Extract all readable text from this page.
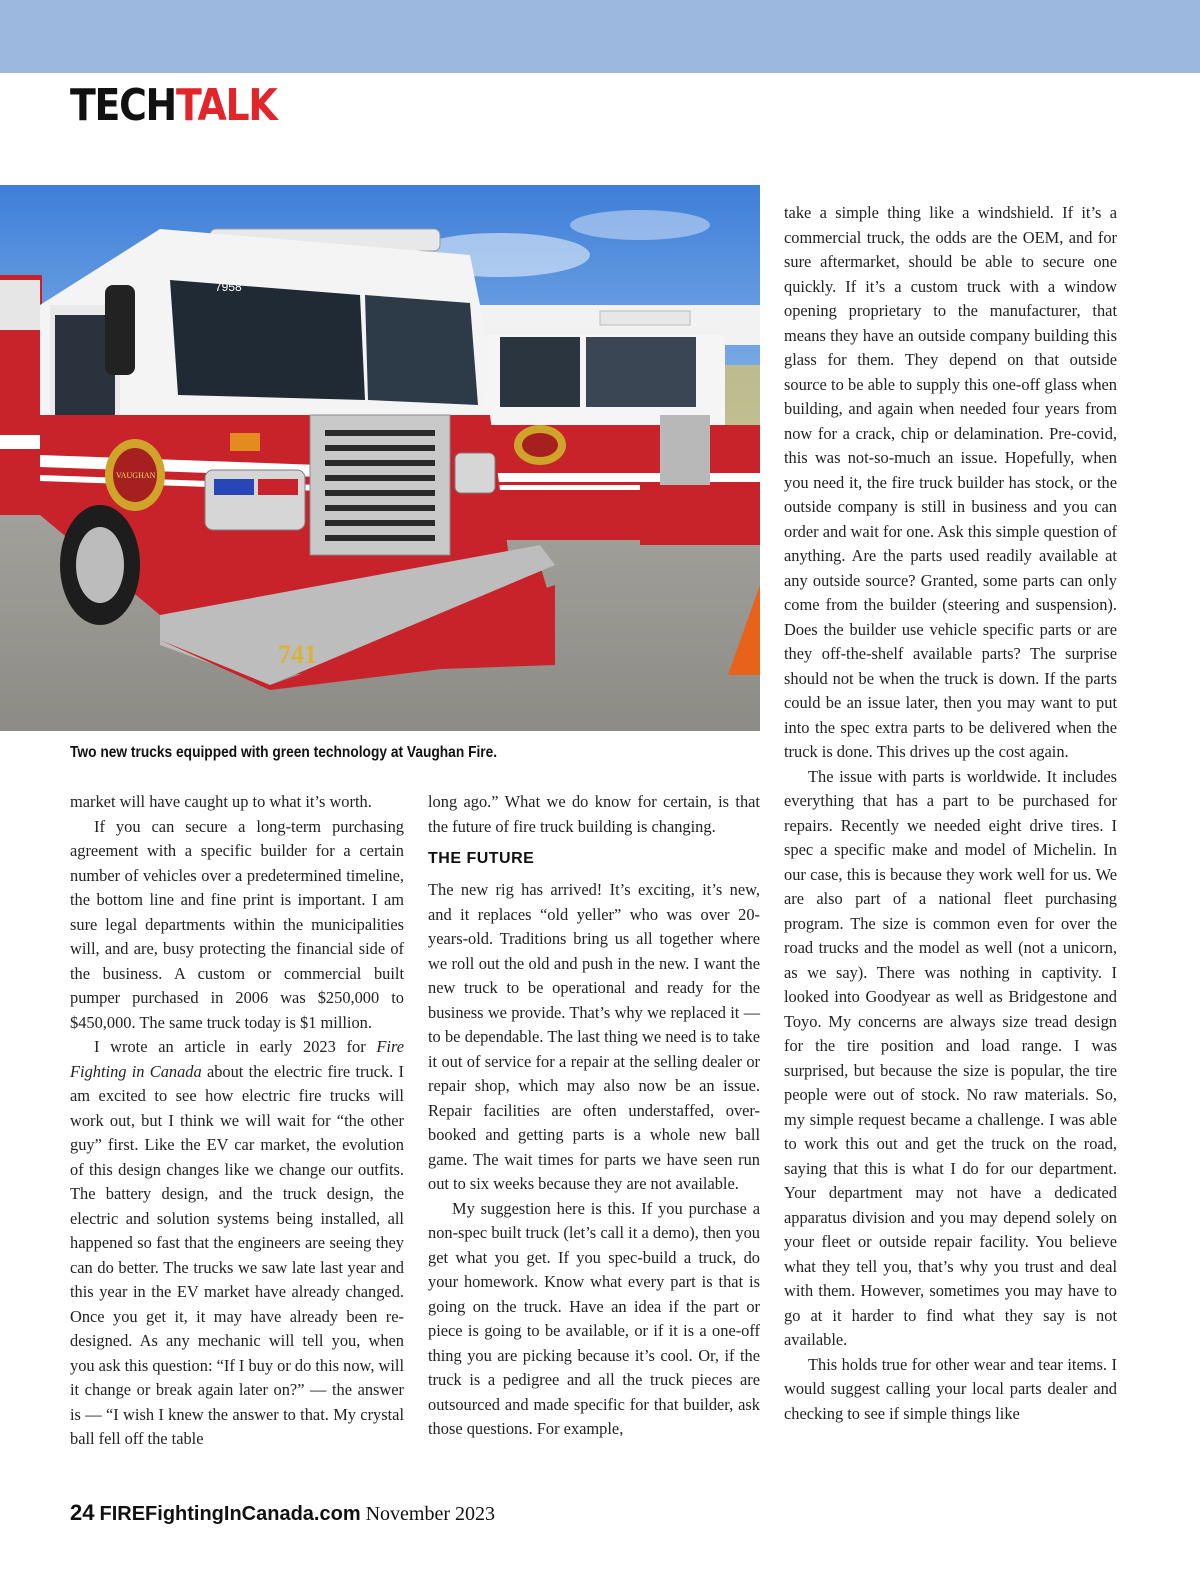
TECHTALK
7958
VAUGHAN
741
Two new trucks equipped with green technology at Vaughan Fire.

market will have caught up to what it’s worth.

If you can secure a long-term purchasing agreement with a specific builder for a certain number of vehicles over a predetermined timeline, the bottom line and fine print is important. I am sure legal departments within the municipalities will, and are, busy protecting the financial side of the business. A custom or commercial built pumper purchased in 2006 was $250,000 to $450,000. The same truck today is $1 million.

I wrote an article in early 2023 for Fire Fighting in Canada about the electric fire truck. I am excited to see how electric fire trucks will work out, but I think we will wait for “the other guy” first. Like the EV car market, the evolution of this design changes like we change our outfits. The battery design, and the truck design, the electric and solution systems being installed, all happened so fast that the engineers are seeing they can do better. The trucks we saw late last year and this year in the EV market have already changed. Once you get it, it may have already been re-designed. As any mechanic will tell you, when you ask this question: “If I buy or do this now, will it change or break again later on?” — the answer is — “I wish I knew the answer to that. My crystal ball fell off the table

long ago.” What we do know for certain, is that the future of fire truck building is changing.

THE FUTURE

The new rig has arrived! It’s exciting, it’s new, and it replaces “old yeller” who was over 20-years-old. Traditions bring us all together where we roll out the old and push in the new. I want the new truck to be operational and ready for the business we provide. That’s why we replaced it — to be dependable. The last thing we need is to take it out of service for a repair at the selling dealer or repair shop, which may also now be an issue. Repair facilities are often understaffed, over-booked and getting parts is a whole new ball game. The wait times for parts we have seen run out to six weeks because they are not available.

My suggestion here is this. If you purchase a non-spec built truck (let’s call it a demo), then you get what you get. If you spec-build a truck, do your homework. Know what every part is that is going on the truck. Have an idea if the part or piece is going to be available, or if it is a one-off thing you are picking because it’s cool. Or, if the truck is a pedigree and all the truck pieces are outsourced and made specific for that builder, ask those questions. For example,

take a simple thing like a windshield. If it’s a commercial truck, the odds are the OEM, and for sure aftermarket, should be able to secure one quickly. If it’s a custom truck with a window opening proprietary to the manufacturer, that means they have an outside company building this glass for them. They depend on that outside source to be able to supply this one-off glass when building, and again when needed four years from now for a crack, chip or delamination. Pre-covid, this was not-so-much an issue. Hopefully, when you need it, the fire truck builder has stock, or the outside company is still in business and you can order and wait for one. Ask this simple question of anything. Are the parts used readily available at any outside source? Granted, some parts can only come from the builder (steering and suspension). Does the builder use vehicle specific parts or are they off-the-shelf available parts? The surprise should not be when the truck is down. If the parts could be an issue later, then you may want to put into the spec extra parts to be delivered when the truck is done. This drives up the cost again.

The issue with parts is worldwide. It includes everything that has a part to be purchased for repairs. Recently we needed eight drive tires. I spec a specific make and model of Michelin. In our case, this is because they work well for us. We are also part of a national fleet purchasing program. The size is common even for over the road trucks and the model as well (not a unicorn, as we say). There was nothing in captivity. I looked into Goodyear as well as Bridgestone and Toyo. My concerns are always size tread design for the tire position and load range. I was surprised, but because the size is popular, the tire people were out of stock. No raw materials. So, my simple request became a challenge. I was able to work this out and get the truck on the road, saying that this is what I do for our department. Your department may not have a dedicated apparatus division and you may depend solely on your fleet or outside repair facility. You believe what they tell you, that’s why you trust and deal with them. However, sometimes you may have to go at it harder to find what they say is not available.

This holds true for other wear and tear items. I would suggest calling your local parts dealer and checking to see if simple things like

24 FIREFightingInCanada.com November 2023
